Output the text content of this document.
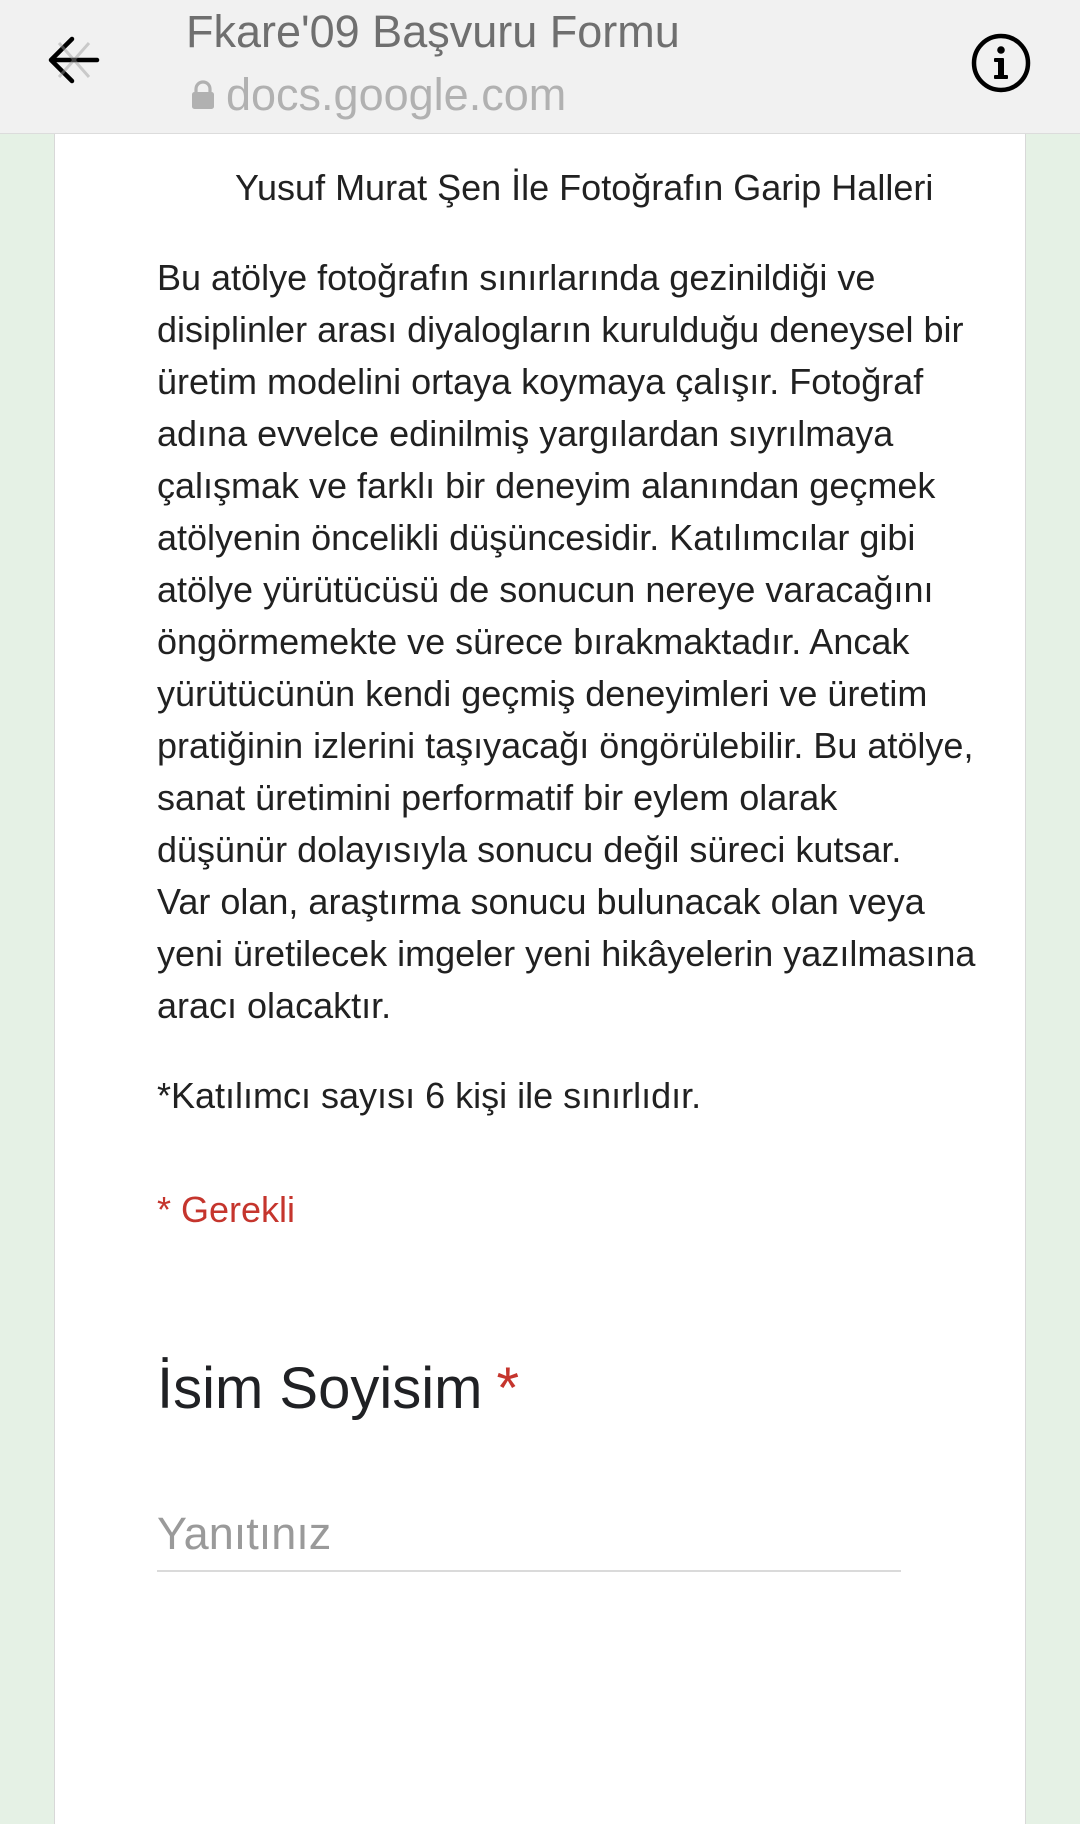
Fkare'09 Başvuru Formu
docs.google.com
Yusuf Murat Şen İle Fotoğrafın Garip Halleri
Bu atölye fotoğrafın sınırlarında gezinildiği ve disiplinler arası diyalogların kurulduğu deneysel bir üretim modelini ortaya koymaya çalışır. Fotoğraf adına evvelce edinilmiş yargılardan sıyrılmaya çalışmak ve farklı bir deneyim alanından geçmek atölyenin öncelikli düşüncesidir. Katılımcılar gibi atölye yürütücüsü de sonucun nereye varacağını öngörmemekte ve sürece bırakmaktadır. Ancak yürütücünün kendi geçmiş deneyimleri ve üretim pratiğinin izlerini taşıyacağı öngörülebilir. Bu atölye, sanat üretimini performatif bir eylem olarak düşünür dolayısıyla sonucu değil süreci kutsar.
Var olan, araştırma sonucu bulunacak olan veya yeni üretilecek imgeler yeni hikâyelerin yazılmasına aracı olacaktır.
*Katılımcı sayısı 6 kişi ile sınırlıdır.
* Gerekli
İsim Soyisim *
Yanıtınız
